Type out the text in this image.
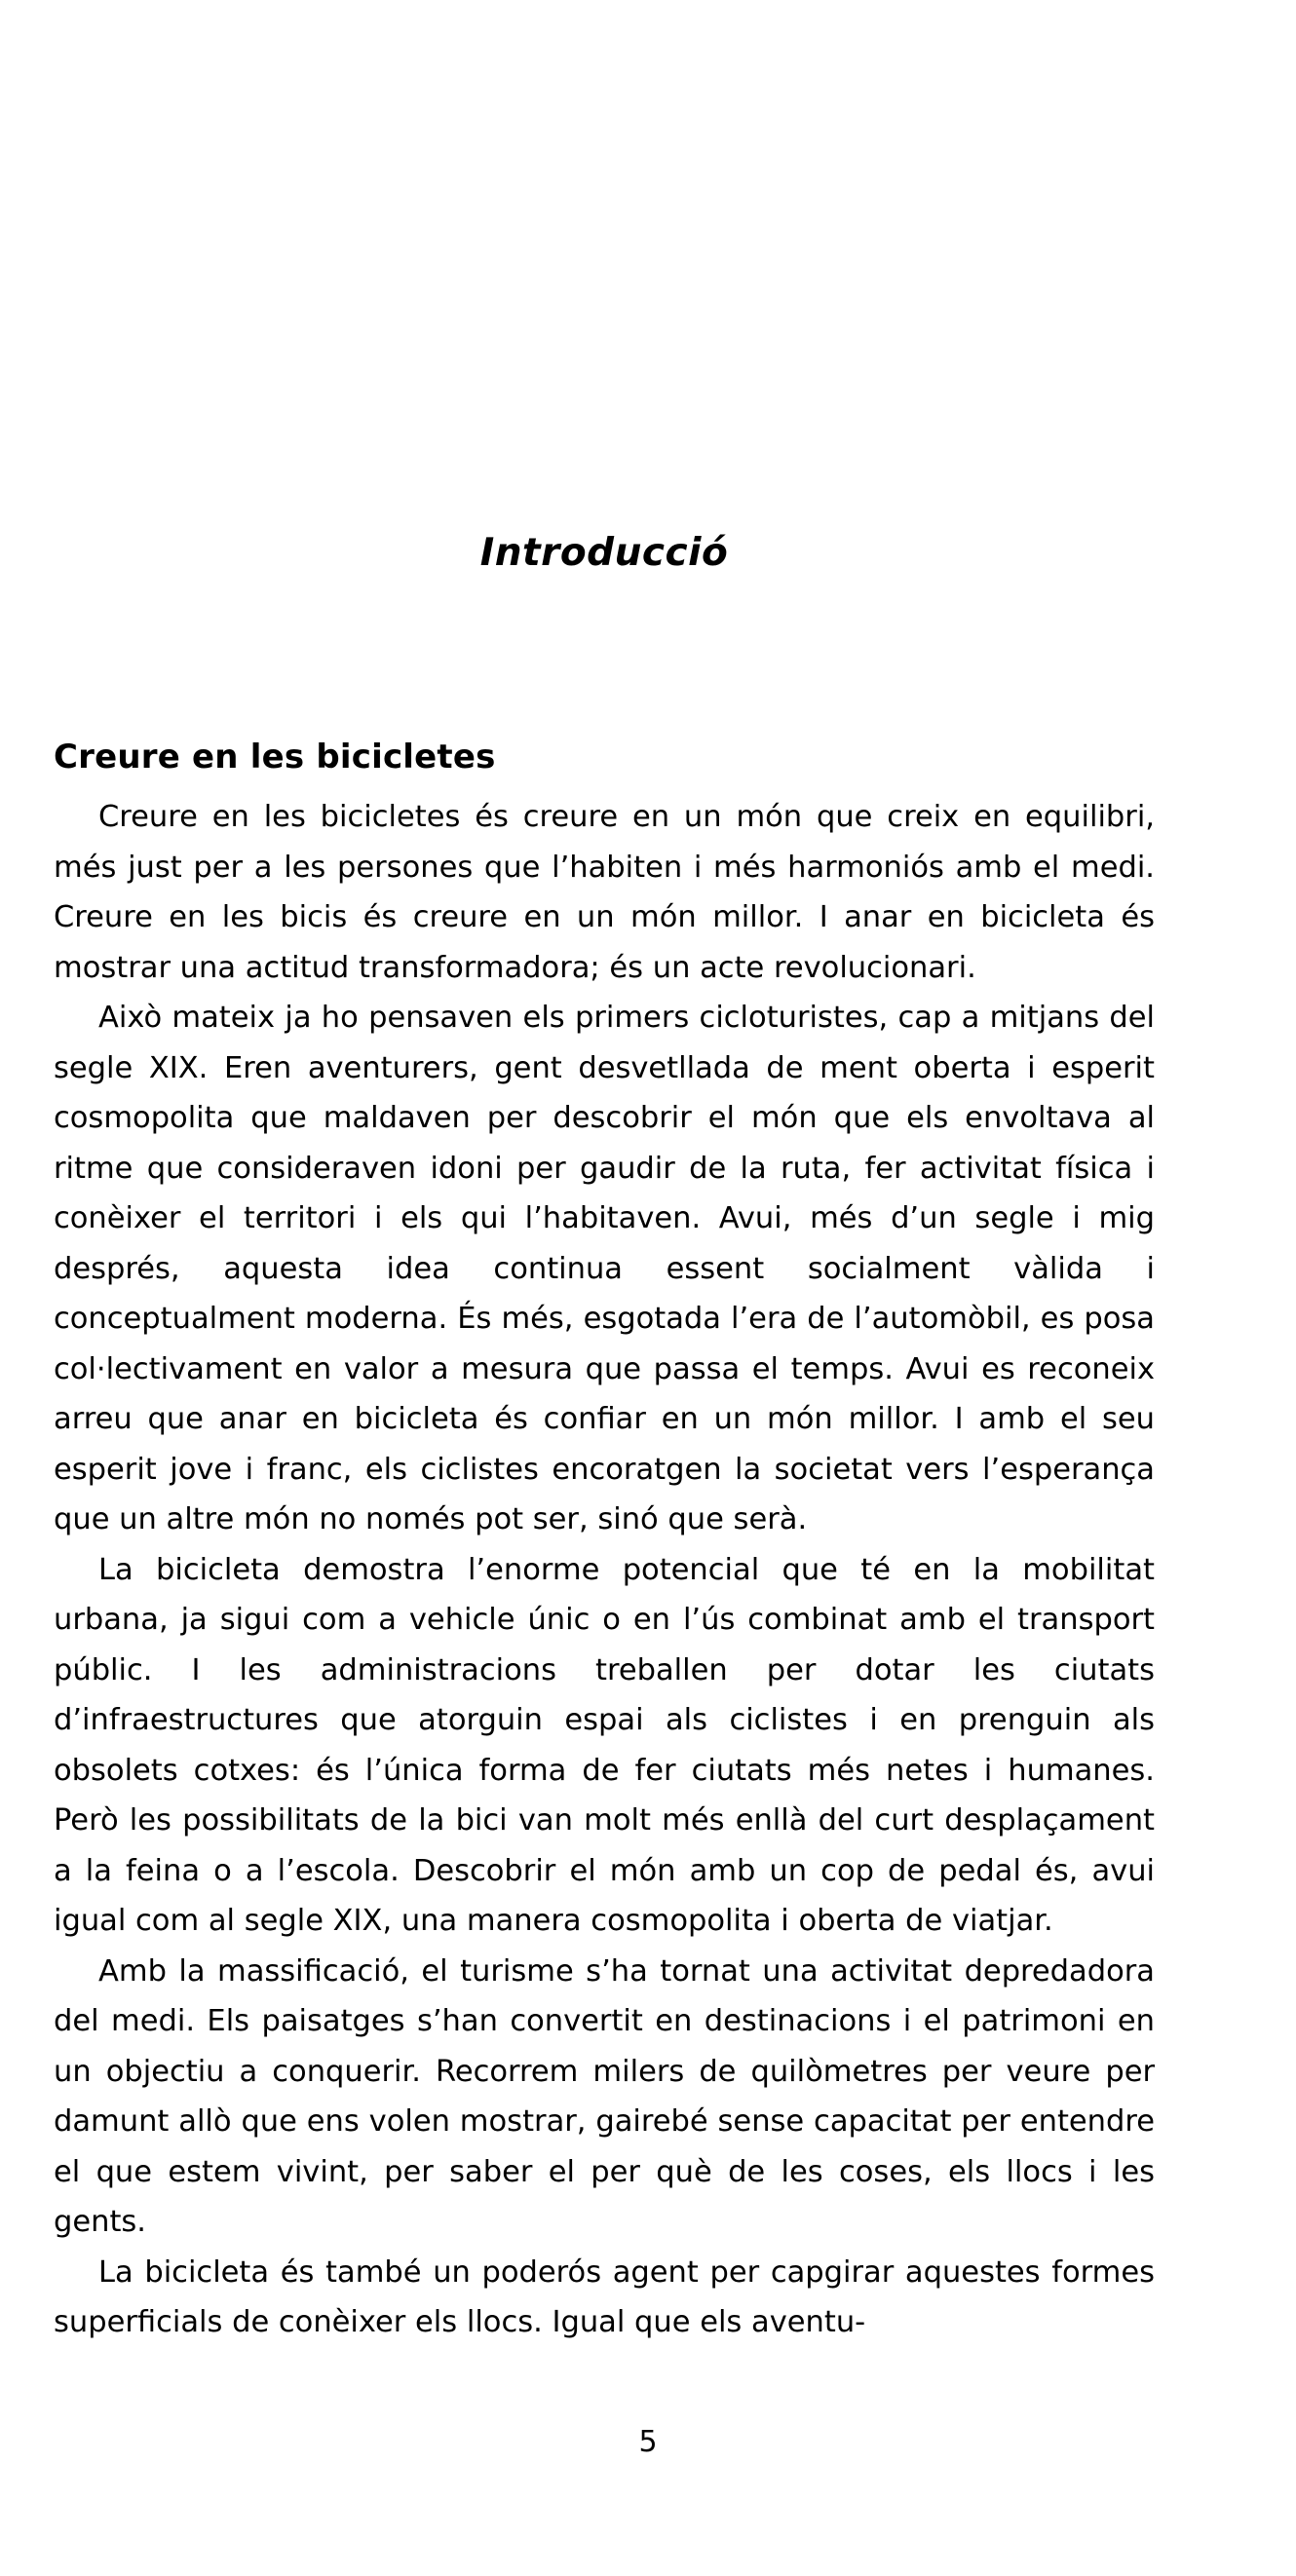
Introducció
Creure en les bicicletes

Creure en les bicicletes és creure en un món que creix en equilibri, més just per a les persones que l’habiten i més harmoniós amb el medi. Creure en les bicis és creure en un món millor. I anar en bicicleta és mostrar una actitud transformadora; és un acte revolucionari.

Això mateix ja ho pensaven els primers cicloturistes, cap a mitjans del segle XIX. Eren aventurers, gent desvetllada de ment oberta i esperit cosmopolita que maldaven per descobrir el món que els envoltava al ritme que consideraven idoni per gaudir de la ruta, fer activitat física i conèixer el territori i els qui l’habitaven. Avui, més d’un segle i mig després, aquesta idea continua essent socialment vàlida i conceptualment moderna. És més, esgotada l’era de l’automòbil, es posa col·lectivament en valor a mesura que passa el temps. Avui es reconeix arreu que anar en bicicleta és confiar en un món millor. I amb el seu esperit jove i franc, els ciclistes encoratgen la societat vers l’esperança que un altre món no només pot ser, sinó que serà.

La bicicleta demostra l’enorme potencial que té en la mobilitat urbana, ja sigui com a vehicle únic o en l’ús combinat amb el transport públic. I les administracions treballen per dotar les ciutats d’infraestructures que atorguin espai als ciclistes i en prenguin als obsolets cotxes: és l’única forma de fer ciutats més netes i humanes. Però les possibilitats de la bici van molt més enllà del curt desplaçament a la feina o a l’escola. Descobrir el món amb un cop de pedal és, avui igual com al segle XIX, una manera cosmopolita i oberta de viatjar.

Amb la massificació, el turisme s’ha tornat una activitat depredadora del medi. Els paisatges s’han convertit en destinacions i el patrimoni en un objectiu a conquerir. Recorrem milers de quilòmetres per veure per damunt allò que ens volen mostrar, gairebé sense capacitat per entendre el que estem vivint, per saber el per què de les coses, els llocs i les gents.

La bicicleta és també un poderós agent per capgirar aquestes formes superficials de conèixer els llocs. Igual que els aventu-

5
